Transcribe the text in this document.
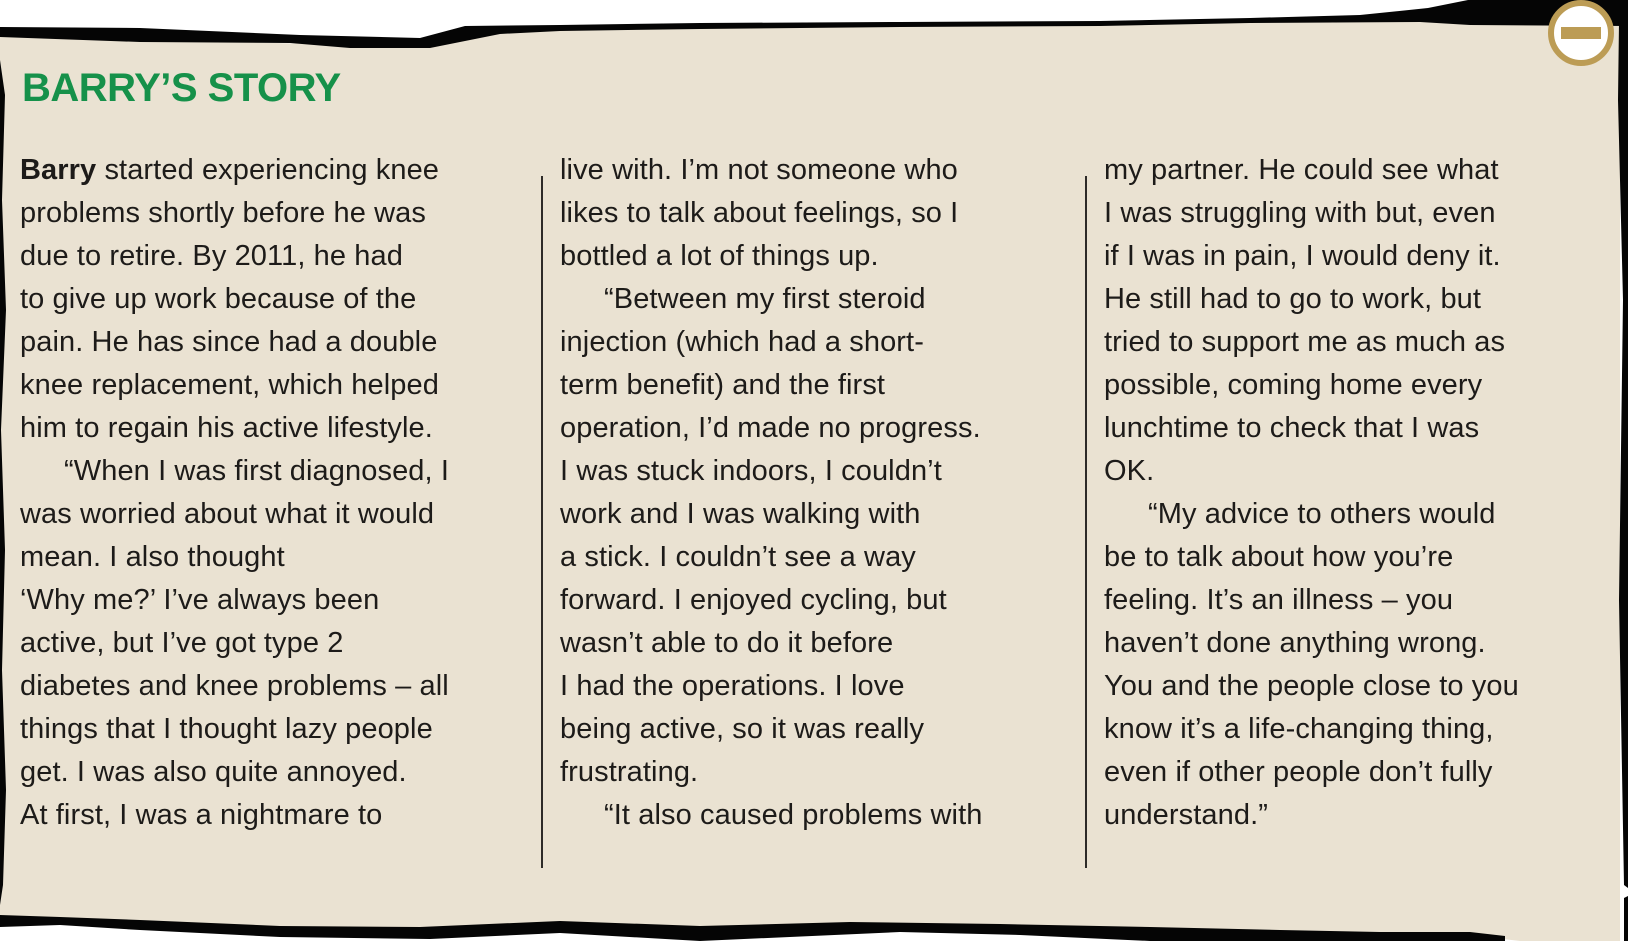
BARRY’S STORY
Barry started experiencing knee
problems shortly before he was
due to retire. By 2011, he had
to give up work because of the
pain. He has since had a double
knee replacement, which helped
him to regain his active lifestyle.
“When I was first diagnosed, I
was worried about what it would
mean. I also thought
‘Why me?’ I’ve always been
active, but I’ve got type 2
diabetes and knee problems – all
things that I thought lazy people
get. I was also quite annoyed.
At first, I was a nightmare to
live with. I’m not someone who
likes to talk about feelings, so I
bottled a lot of things up.
“Between my first steroid
injection (which had a short-
term benefit) and the first
operation, I’d made no progress.
I was stuck indoors, I couldn’t
work and I was walking with
a stick. I couldn’t see a way
forward. I enjoyed cycling, but
wasn’t able to do it before
I had the operations. I love
being active, so it was really
frustrating.
“It also caused problems with
my partner. He could see what
I was struggling with but, even
if I was in pain, I would deny it.
He still had to go to work, but
tried to support me as much as
possible, coming home every
lunchtime to check that I was
OK.
“My advice to others would
be to talk about how you’re
feeling. It’s an illness – you
haven’t done anything wrong.
You and the people close to you
know it’s a life-changing thing,
even if other people don’t fully
understand.”
